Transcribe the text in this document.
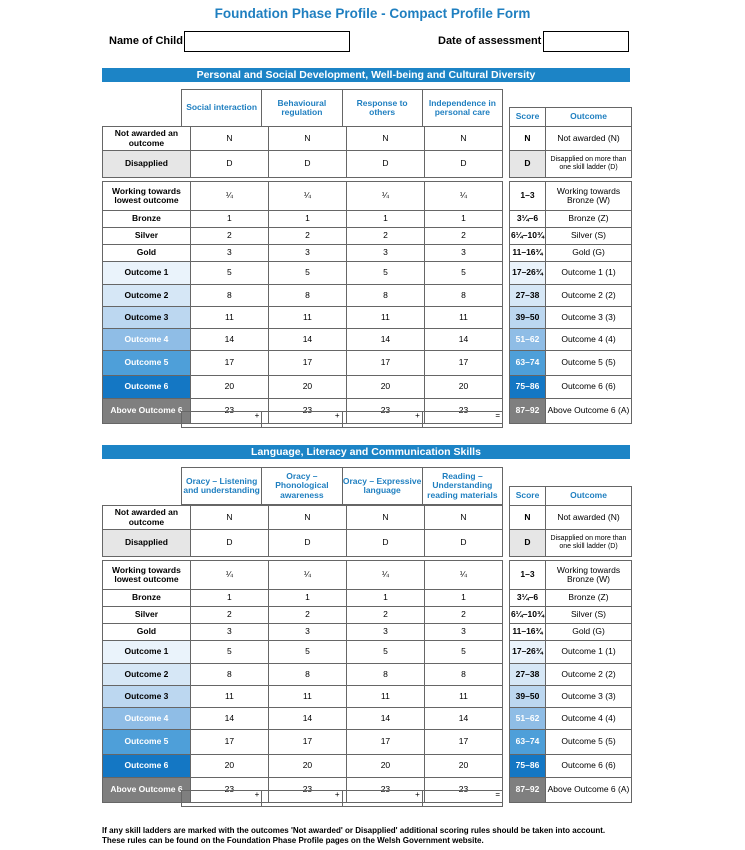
Foundation Phase Profile - Compact Profile Form
Name of Child	Date of assessment
Personal and Social Development, Well-being and Cultural Diversity
Social interaction	Behavioural regulation	Response to others	Independence in personal care
Not awarded an outcome	N	N	N	N
Disapplied	D	D	D	D

Working towards lowest outcome	¼	¼	¼	¼
Bronze	1	1	1	1
Silver	2	2	2	2
Gold	3	3	3	3
Outcome 1	5	5	5	5
Outcome 2	8	8	8	8
Outcome 3	11	11	11	11
Outcome 4	14	14	14	14
Outcome 5	17	17	17	17
Outcome 6	20	20	20	20
Above Outcome 6	23	23	23	23
+	+	+	=
Score	Outcome
N	Not awarded (N)
D	Disapplied on more than one skill ladder (D)

1–3	Working towards Bronze (W)
3¼–6	Bronze (Z)
6¼–10¾	Silver (S)
11–16¾	Gold (G)
17–26¾	Outcome 1 (1)
27–38	Outcome 2 (2)
39–50	Outcome 3 (3)
51–62	Outcome 4 (4)
63–74	Outcome 5 (5)
75–86	Outcome 6 (6)
87–92	Above Outcome 6 (A)
Language, Literacy and Communication Skills
Oracy – Listening and understanding	Oracy – Phonological awareness	Oracy – Expressive language	Reading – Understanding reading materials
Not awarded an outcome	N	N	N	N
Disapplied	D	D	D	D

Working towards lowest outcome	¼	¼	¼	¼
Bronze	1	1	1	1
Silver	2	2	2	2
Gold	3	3	3	3
Outcome 1	5	5	5	5
Outcome 2	8	8	8	8
Outcome 3	11	11	11	11
Outcome 4	14	14	14	14
Outcome 5	17	17	17	17
Outcome 6	20	20	20	20
Above Outcome 6	23	23	23	23
+	+	+	=
Score	Outcome
N	Not awarded (N)
D	Disapplied on more than one skill ladder (D)

1–3	Working towards Bronze (W)
3¼–6	Bronze (Z)
6¼–10¾	Silver (S)
11–16¾	Gold (G)
17–26¾	Outcome 1 (1)
27–38	Outcome 2 (2)
39–50	Outcome 3 (3)
51–62	Outcome 4 (4)
63–74	Outcome 5 (5)
75–86	Outcome 6 (6)
87–92	Above Outcome 6 (A)
If any skill ladders are marked with the outcomes 'Not awarded' or Disapplied' additional scoring rules should be taken into account.
These rules can be found on the Foundation Phase Profile pages on the Welsh Government website.
